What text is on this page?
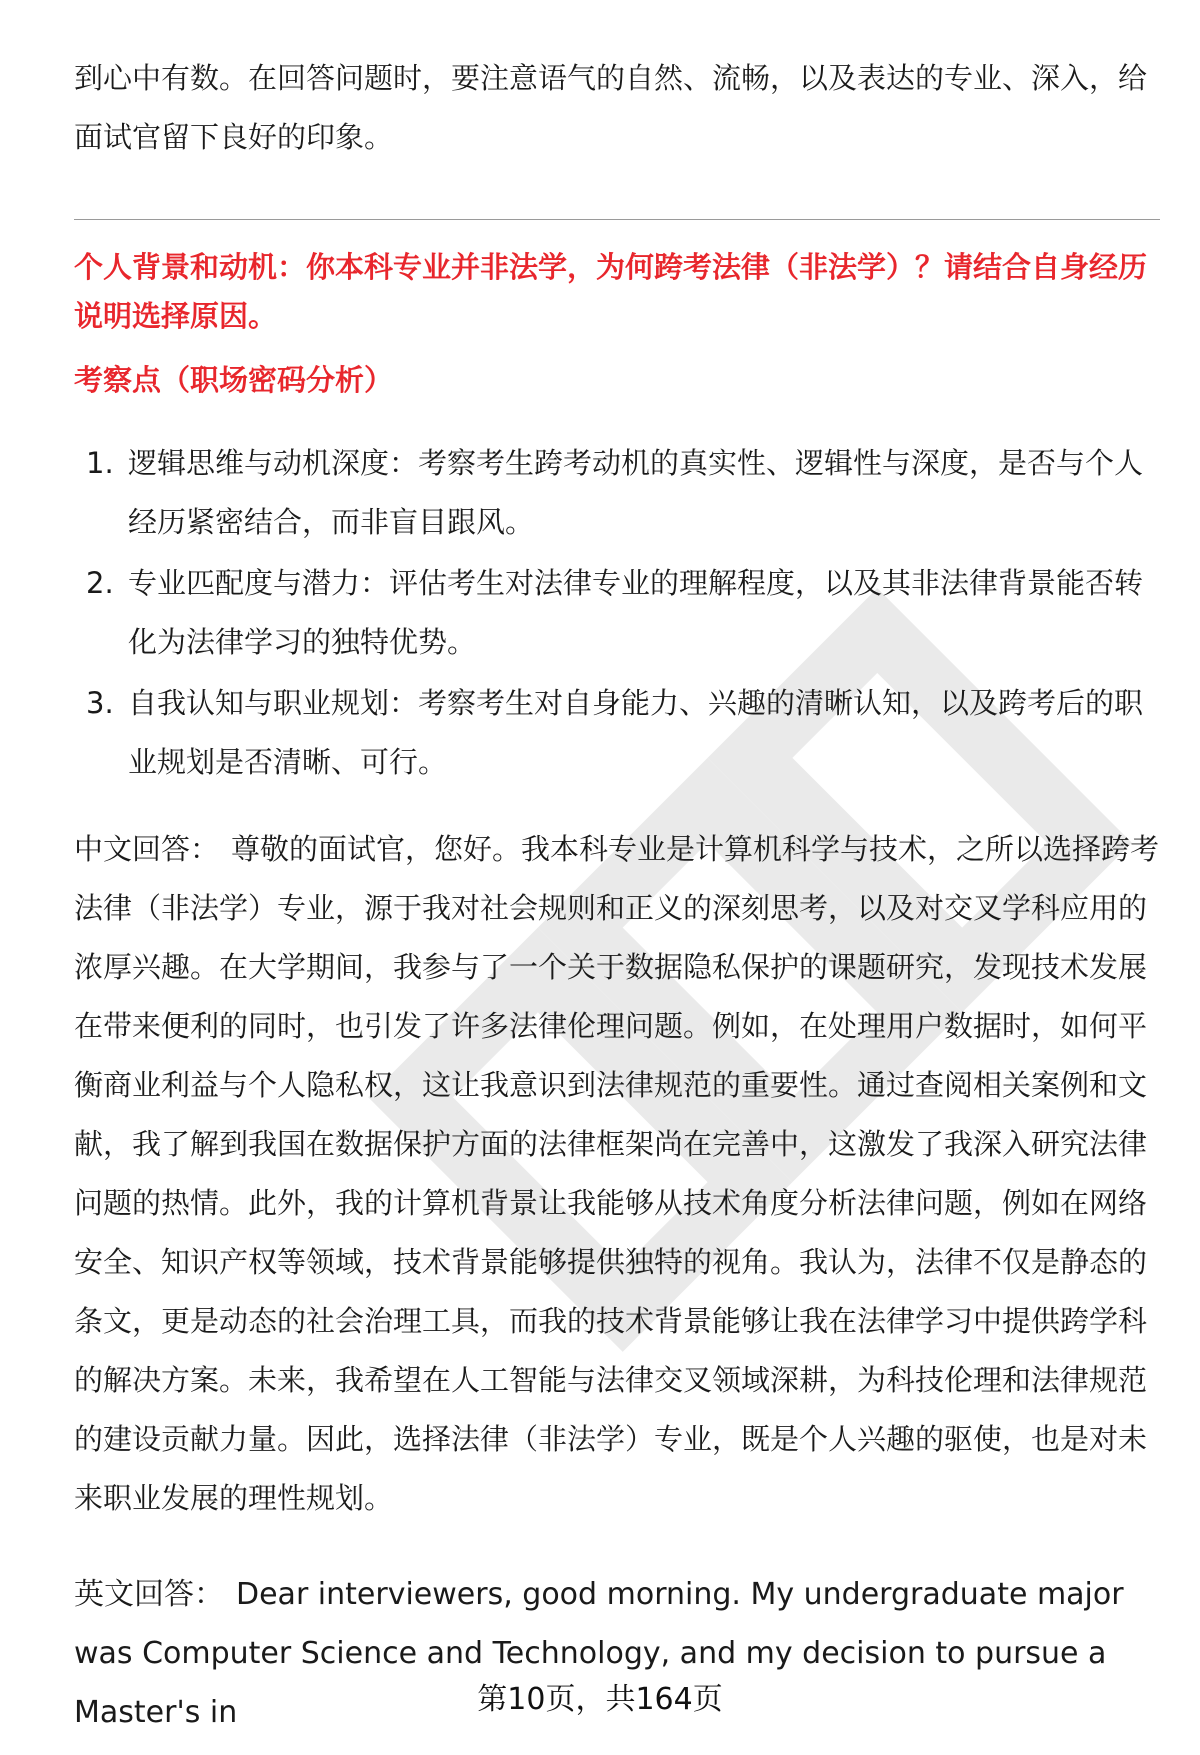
到心中有数。在回答问题时，要注意语气的自然、流畅，以及表达的专业、深入，给面试官留下良好的印象。

个人背景和动机：你本科专业并非法学，为何跨考法律（非法学）？请结合自身经历说明选择原因。

考察点（职场密码分析）

1. 逻辑思维与动机深度：考察考生跨考动机的真实性、逻辑性与深度，是否与个人经历紧密结合，而非盲目跟风。
2. 专业匹配度与潜力：评估考生对法律专业的理解程度，以及其非法律背景能否转化为法律学习的独特优势。
3. 自我认知与职业规划：考察考生对自身能力、兴趣的清晰认知，以及跨考后的职业规划是否清晰、可行。

中文回答： 尊敬的面试官，您好。我本科专业是计算机科学与技术，之所以选择跨考法律（非法学）专业，源于我对社会规则和正义的深刻思考，以及对交叉学科应用的浓厚兴趣。在大学期间，我参与了一个关于数据隐私保护的课题研究，发现技术发展在带来便利的同时，也引发了许多法律伦理问题。例如，在处理用户数据时，如何平衡商业利益与个人隐私权，这让我意识到法律规范的重要性。通过查阅相关案例和文献，我了解到我国在数据保护方面的法律框架尚在完善中，这激发了我深入研究法律问题的热情。此外，我的计算机背景让我能够从技术角度分析法律问题，例如在网络安全、知识产权等领域，技术背景能够提供独特的视角。我认为，法律不仅是静态的条文，更是动态的社会治理工具，而我的技术背景能够让我在法律学习中提供跨学科的解决方案。未来，我希望在人工智能与法律交叉领域深耕，为科技伦理和法律规范的建设贡献力量。因此，选择法律（非法学）专业，既是个人兴趣的驱使，也是对未来职业发展的理性规划。

英文回答： Dear interviewers, good morning. My undergraduate major was Computer Science and Technology, and my decision to pursue a Master's in	第10页，共164页
